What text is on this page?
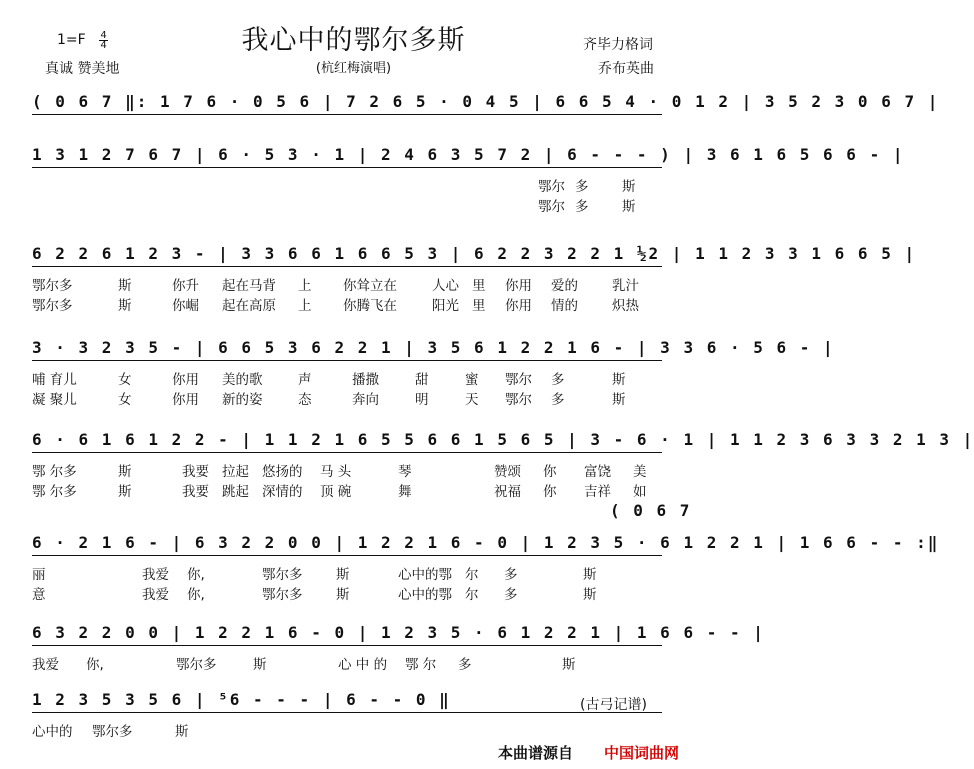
我心中的鄂尔多斯
1=F 4
4
真诚 赞美地	(杭红梅演唱)
齐毕力格词
乔布英曲
( 0 6 7 ‖: 1 7 6 · 0 5 6 | 7 2 6 5 · 0 4 5 | 6 6 5 4 · 0 1 2 | 3 5 2 3 0 6 7 |
1 3 1 2 7 6 7 | 6 · 5 3 · 1 | 2 4 6 3 5 7 2 | 6 - - - ) | 3 6 1 6 5 6 6 - |
鄂尔 多 斯
鄂尔 多 斯
6 2 2 6 1 2 3 - | 3 3 6 6 1 6 6 5 3 | 6 2 2 3 2 2 1 ½2 | 1 1 2 3 3 1 6 6 5 |
鄂尔多	斯	你升 起在马背 上 你耸立在	人心 里 你用 爱的	乳汁
鄂尔多	斯	你崛 起在高原 上 你腾飞在	阳光 里 你用 情的	炽热
3 · 3 2 3 5 - | 6 6 5 3 6 2 2 1 | 3 5 6 1 2 2 1 6 - | 3 3 6 · 5 6 - |
哺 育儿	女	你用 美的歌	声	播撒	甜	蜜 鄂尔 多	斯
凝 聚儿	女	你用 新的姿	态	奔向	明	天 鄂尔 多	斯
6 · 6 1 6 1 2 2 - | 1 1 2 1 6 5 5 6 6 1 5 6 5 | 3 - 6 · 1 | 1 1 2 3 6 3 3 2 1 3 |
鄂 尔多	斯	我要 拉起 悠扬的 马 头	琴	赞颂 你 富饶 美
鄂 尔多	斯	我要 跳起 深情的 顶 碗	舞	祝福 你 吉祥 如
6 · 2 1 6 - | 6 3 2 2 0 0 | 1 2 2 1 6 - 0 | 1 2 3 5 · 6 1 2 2 1 | 1 6 6 - - :‖
( 0 6 7
丽	我爱 你,	鄂尔多 斯	心中的鄂 尔 多	斯
意	我爱 你,	鄂尔多 斯	心中的鄂 尔 多	斯
6 3 2 2 0 0 | 1 2 2 1 6 - 0 | 1 2 3 5 · 6 1 2 2 1 | 1 6 6 - - |
我爱 你,	鄂尔多	斯	心 中 的 鄂 尔 多	斯
1 2 3 5 3 5 6 | ⁵6 - - - | 6 - - 0 ‖
心中的 鄂尔多	斯
(古弓记谱)
本曲谱源自 中国词曲网
